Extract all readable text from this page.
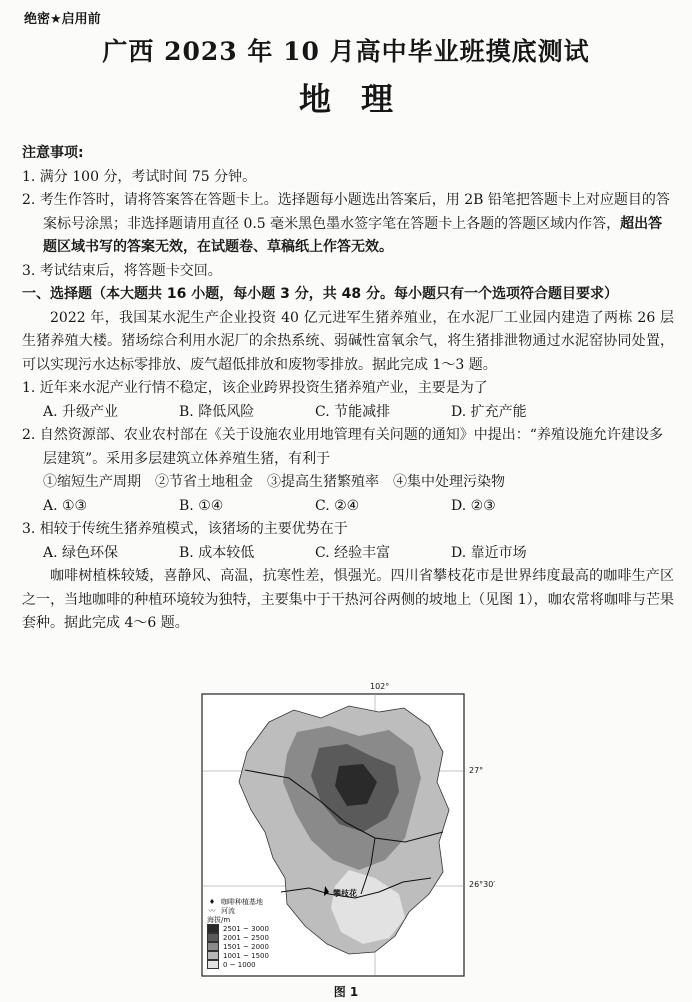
绝密★启用前
广西 2023 年 10 月高中毕业班摸底测试
地理

注意事项:

1. 满分 100 分，考试时间 75 分钟。

2. 考生作答时，请将答案答在答题卡上。选择题每小题选出答案后，用 2B 铅笔把答题卡上对应题目的答案标号涂黑；非选择题请用直径 0.5 毫米黑色墨水签字笔在答题卡上各题的答题区域内作答，超出答题区域书写的答案无效，在试题卷、草稿纸上作答无效。

3. 考试结束后，将答题卡交回。

一、选择题（本大题共 16 小题，每小题 3 分，共 48 分。每小题只有一个选项符合题目要求）

2022 年，我国某水泥生产企业投资 40 亿元进军生猪养殖业，在水泥厂工业园内建造了两栋 26 层生猪养殖大楼。猪场综合利用水泥厂的余热系统、弱碱性富氧余气，将生猪排泄物通过水泥窑协同处置，可以实现污水达标零排放、废气超低排放和废物零排放。据此完成 1～3 题。

1. 近年来水泥产业行情不稳定，该企业跨界投资生猪养殖产业，主要是为了

A. 升级产业	B. 降低风险	C. 节能减排	D. 扩充产能

2. 自然资源部、农业农村部在《关于设施农业用地管理有关问题的通知》中提出：“养殖设施允许建设多层建筑”。采用多层建筑立体养殖生猪，有利于

①缩短生产周期　②节省土地租金　③提高生猪繁殖率　④集中处理污染物

A. ①③	B. ①④	C. ②④	D. ②③

3. 相较于传统生猪养殖模式，该猪场的主要优势在于

A. 绿色环保	B. 成本较低	C. 经验丰富	D. 靠近市场

咖啡树植株较矮，喜静风、高温，抗寒性差，惧强光。四川省攀枝花市是世界纬度最高的咖啡生产区之一，当地咖啡的种植环境较为独特，主要集中于干热河谷两侧的坡地上（见图 1），咖农常将咖啡与芒果套种。据此完成 4～6 题。

102°
27°
26°30′
攀枝花
♦ 咖啡种植基地
〰 河流
海拔/m
2501 ~ 3000
2001 ~ 2500
1501 ~ 2000
1001 ~ 1500
0 ~ 1000
图 1
